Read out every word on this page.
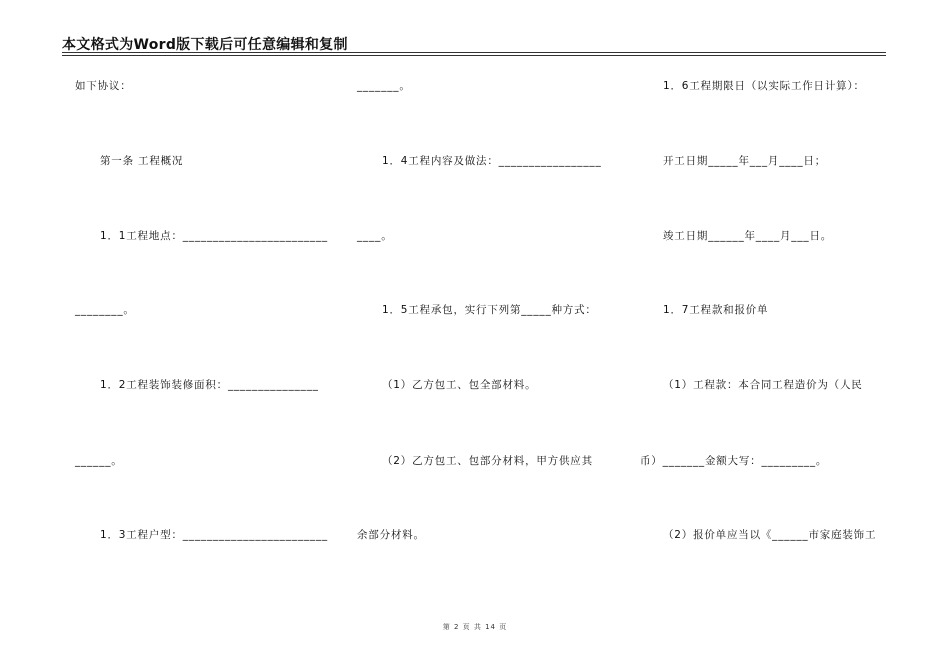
本文格式为Word版下载后可任意编辑和复制
如下协议：
第一条 工程概况
1．1工程地点：________________________
________。
1．2工程装饰装修面积：_______________
______。
1．3工程户型：________________________
_______。
1．4工程内容及做法：_________________
____。
1．5工程承包，实行下列第_____种方式：
（1）乙方包工、包全部材料。
（2）乙方包工、包部分材料，甲方供应其
余部分材料。
1．6工程期限日（以实际工作日计算）：
开工日期_____年___月____日；
竣工日期______年____月___日。
1．7工程款和报价单
（1）工程款：本合同工程造价为（人民
币）_______金额大写：_________。
（2）报价单应当以《______市家庭装饰工
第 2 页 共 14 页
